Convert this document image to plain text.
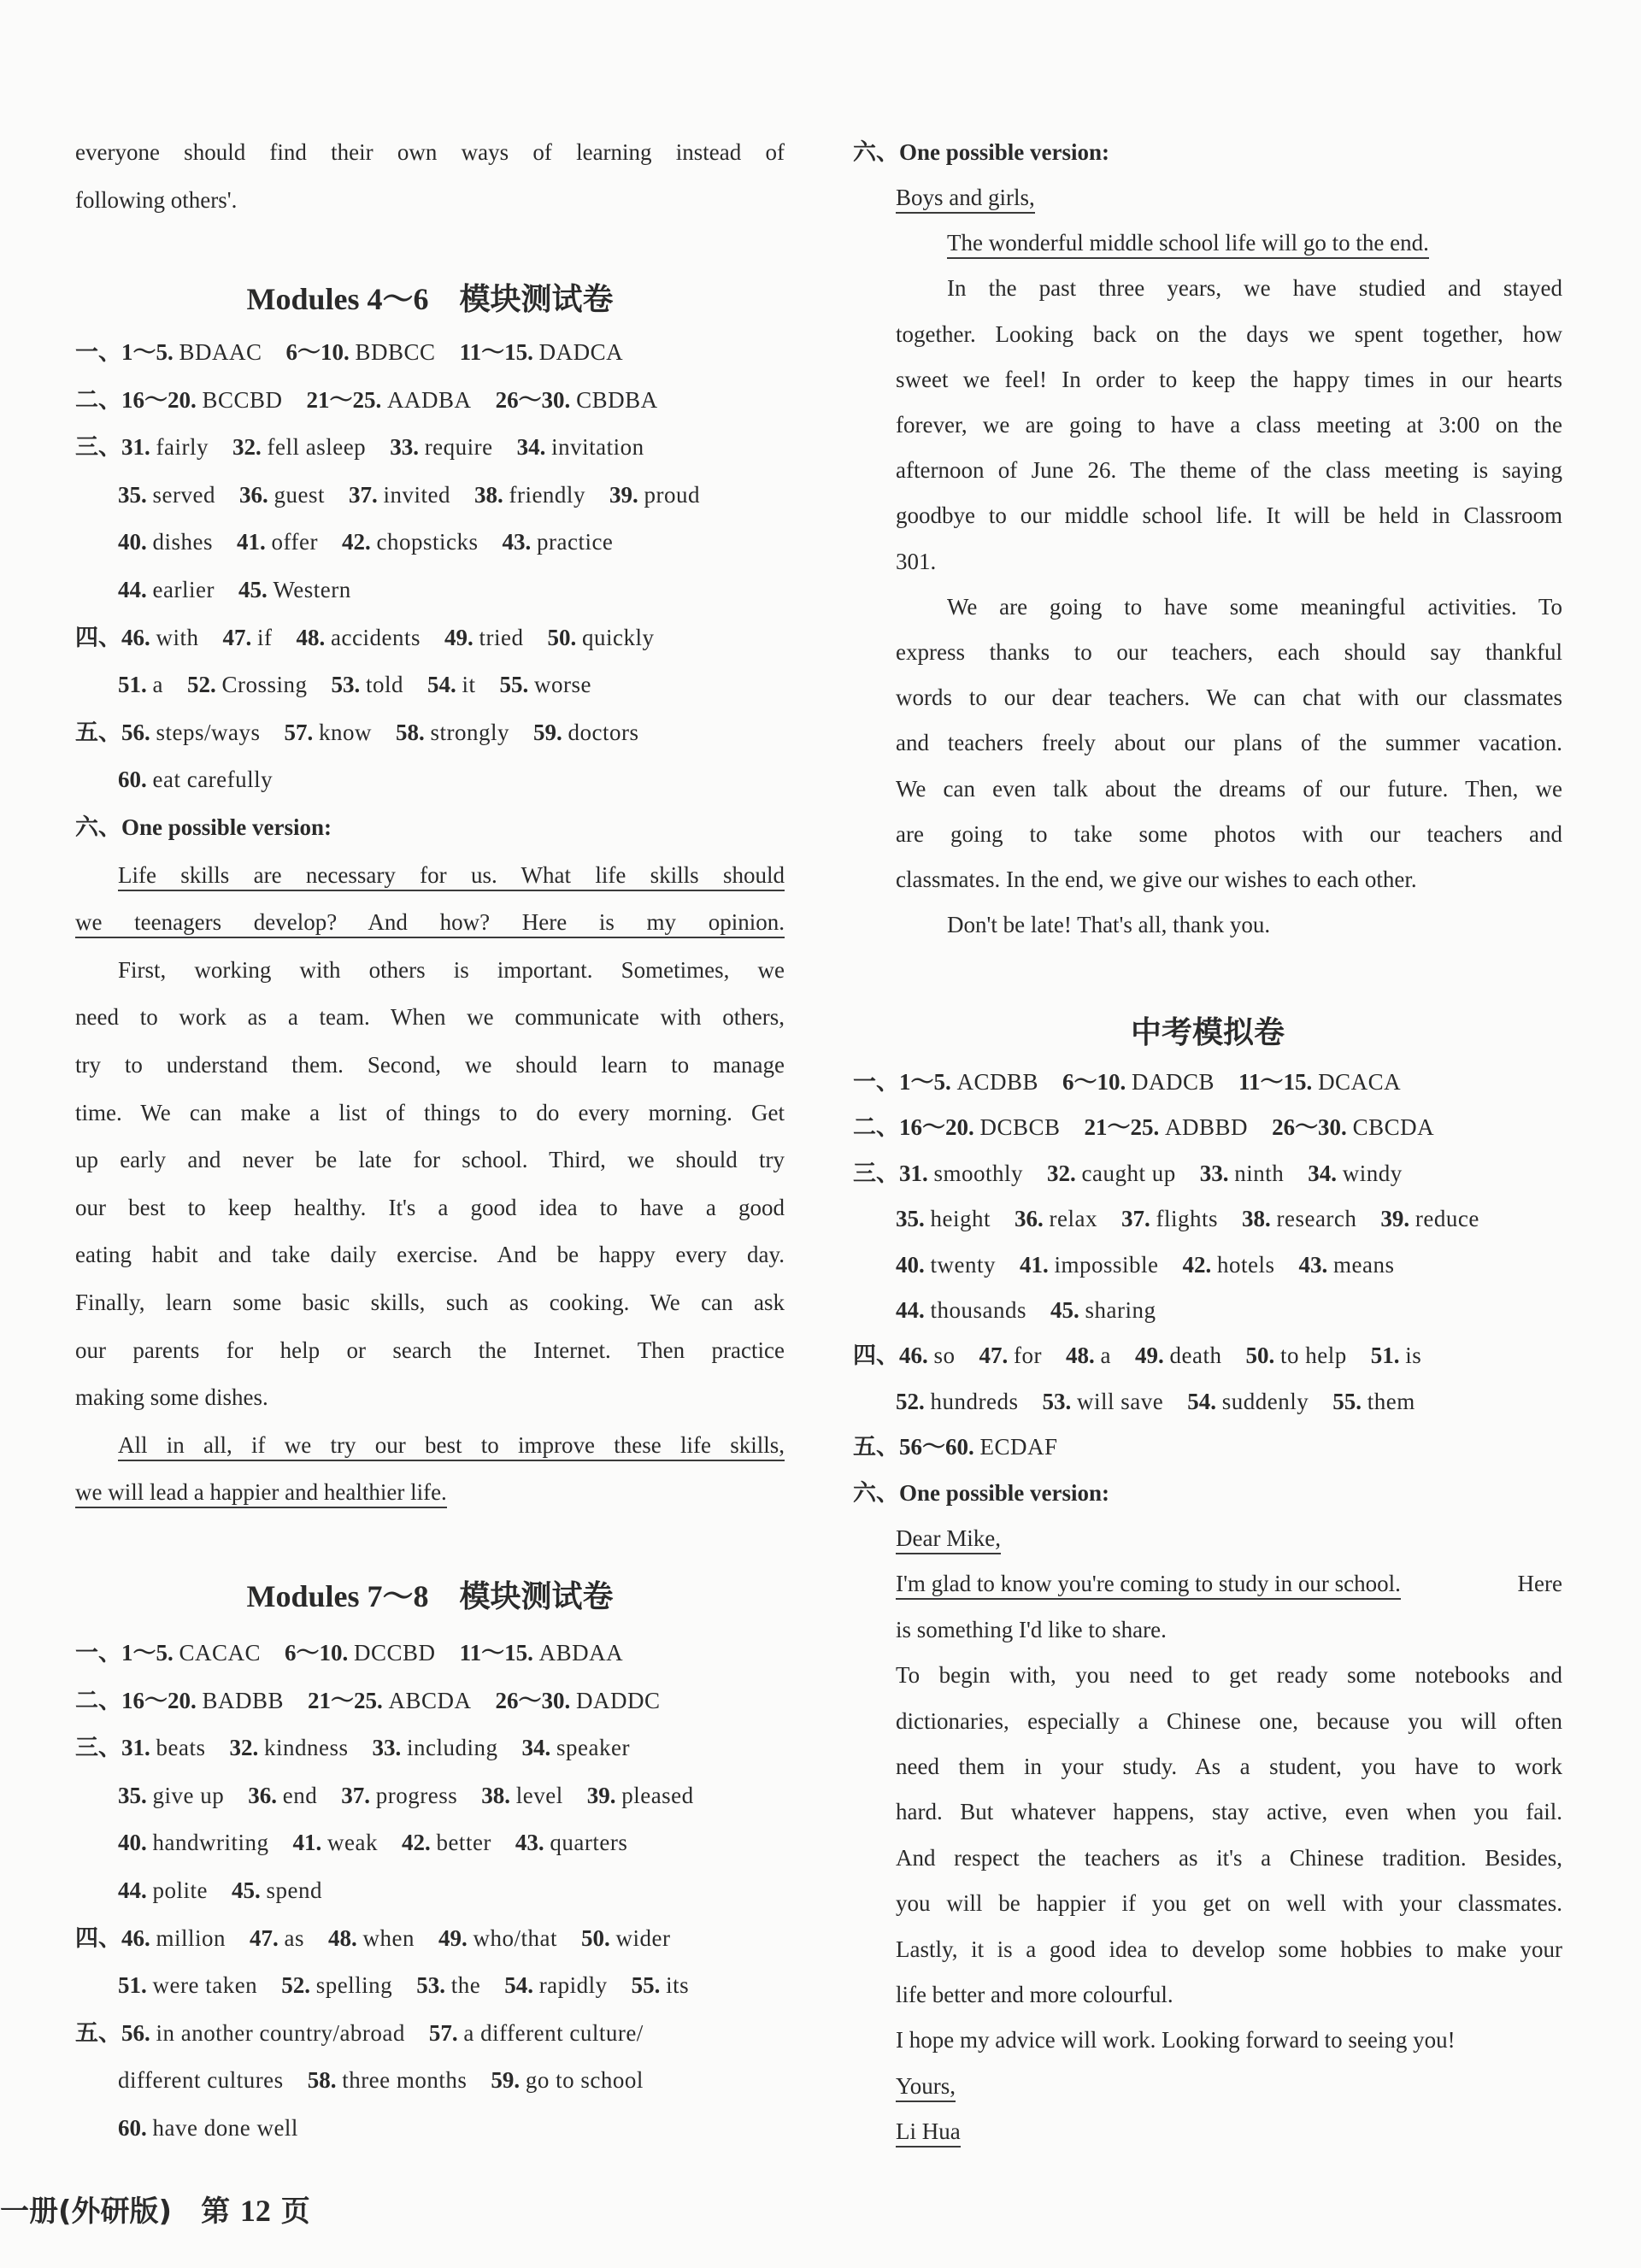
everyone should find their own ways of learning instead of
following others'.
Modules 4～6　模块测试卷
一、1～5. BDAAC 6～10. BDBCC 11～15. DADCA
二、16～20. BCCBD 21～25. AADBA 26～30. CBDBA
三、31. fairly 32. fell asleep 33. require 34. invitation
35. served 36. guest 37. invited 38. friendly 39. proud
40. dishes 41. offer 42. chopsticks 43. practice
44. earlier 45. Western
四、46. with 47. if 48. accidents 49. tried 50. quickly
51. a 52. Crossing 53. told 54. it 55. worse
五、56. steps/ways 57. know 58. strongly 59. doctors
60. eat carefully
六、One possible version:
Life skills are necessary for us. What life skills should
we teenagers develop? And how? Here is my opinion.
First, working with others is important. Sometimes, we
need to work as a team. When we communicate with others,
try to understand them. Second, we should learn to manage
time. We can make a list of things to do every morning. Get
up early and never be late for school. Third, we should try
our best to keep healthy. It's a good idea to have a good
eating habit and take daily exercise. And be happy every day.
Finally, learn some basic skills, such as cooking. We can ask
our parents for help or search the Internet. Then practice
making some dishes.
All in all, if we try our best to improve these life skills,
we will lead a happier and healthier life.
Modules 7～8　模块测试卷
一、1～5. CACAC 6～10. DCCBD 11～15. ABDAA
二、16～20. BADBB 21～25. ABCDA 26～30. DADDC
三、31. beats 32. kindness 33. including 34. speaker
35. give up 36. end 37. progress 38. level 39. pleased
40. handwriting 41. weak 42. better 43. quarters
44. polite 45. spend
四、46. million 47. as 48. when 49. who/that 50. wider
51. were taken 52. spelling 53. the 54. rapidly 55. its
五、56. in another country/abroad 57. a different culture/
different cultures 58. three months 59. go to school
60. have done well
六、One possible version:
Boys and girls,
The wonderful middle school life will go to the end.
In the past three years, we have studied and stayed
together. Looking back on the days we spent together, how
sweet we feel! In order to keep the happy times in our hearts
forever, we are going to have a class meeting at 3:00 on the
afternoon of June 26. The theme of the class meeting is saying
goodbye to our middle school life. It will be held in Classroom
301.
We are going to have some meaningful activities. To
express thanks to our teachers, each should say thankful
words to our dear teachers. We can chat with our classmates
and teachers freely about our plans of the summer vacation.
We can even talk about the dreams of our future. Then, we
are going to take some photos with our teachers and
classmates. In the end, we give our wishes to each other.
Don't be late! That's all, thank you.
中考模拟卷
一、1～5. ACDBB 6～10. DADCB 11～15. DCACA
二、16～20. DCBCB 21～25. ADBBD 26～30. CBCDA
三、31. smoothly 32. caught up 33. ninth 34. windy
35. height 36. relax 37. flights 38. research 39. reduce
40. twenty 41. impossible 42. hotels 43. means
44. thousands 45. sharing
四、46. so 47. for 48. a 49. death 50. to help 51. is
52. hundreds 53. will save 54. suddenly 55. them
五、56～60. ECDAF
六、One possible version:
Dear Mike,
I'm glad to know you're coming to study in our school.	Here
is something I'd like to share.
To begin with, you need to get ready some notebooks and
dictionaries, especially a Chinese one, because you will often
need them in your study. As a student, you have to work
hard. But whatever happens, stay active, even when you fail.
And respect the teachers as it's a Chinese tradition. Besides,
you will be happier if you get on well with your classmates.
Lastly, it is a good idea to develop some hobbies to make your
life better and more colourful.
I hope my advice will work. Looking forward to seeing you!
Yours,
Li Hua
一册(外研版)　第 12 页
